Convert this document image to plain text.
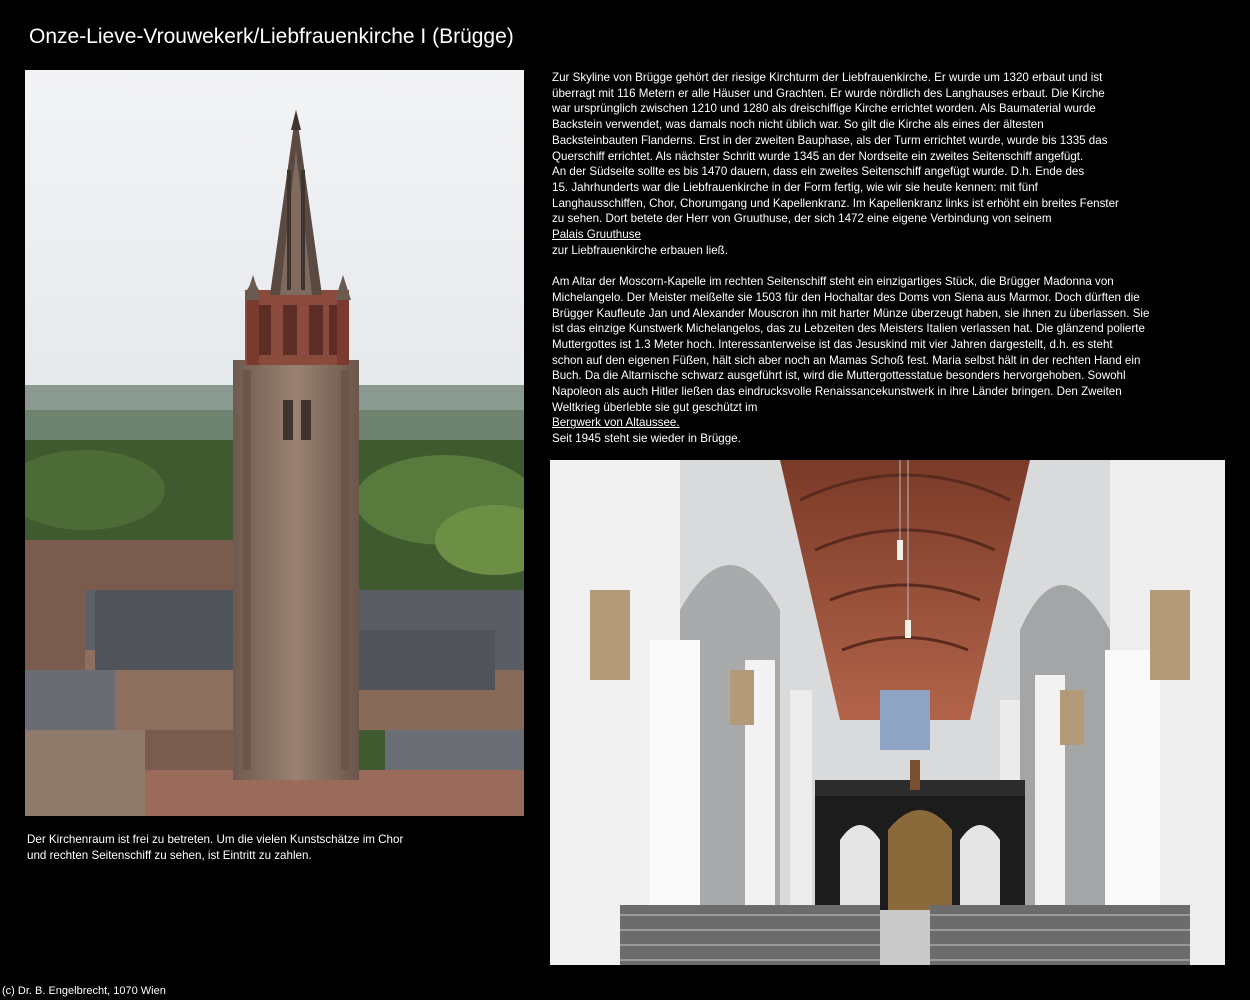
Onze-Lieve-Vrouwekerk/Liebfrauenkirche I (Brügge)
Zur Skyline von Brügge gehört der riesige Kirchturm der Liebfrauenkirche. Er wurde um 1320 erbaut und ist
überragt mit 116 Metern er alle Häuser und Grachten. Er wurde nördlich des Langhauses erbaut. Die Kirche
war ursprünglich zwischen 1210 und 1280 als dreischiffige Kirche errichtet worden. Als Baumaterial wurde
Backstein verwendet, was damals noch nicht üblich war. So gilt die Kirche als eines der ältesten
Backsteinbauten Flanderns. Erst in der zweiten Bauphase, als der Turm errichtet wurde, wurde bis 1335 das
Querschiff errichtet. Als nächster Schritt wurde 1345 an der Nordseite ein zweites Seitenschiff angefügt.
An der Südseite sollte es bis 1470 dauern, dass ein zweites Seitenschiff angefügt wurde. D.h. Ende des
15. Jahrhunderts war die Liebfrauenkirche in der Form fertig, wie wir sie heute kennen: mit fünf
Langhausschiffen, Chor, Chorumgang und Kapellenkranz. Im Kapellenkranz links ist erhöht ein breites Fenster
zu sehen. Dort betete der Herr von Gruuthuse, der sich 1472 eine eigene Verbindung von seinem
Palais Gruuthuse
zur Liebfrauenkirche erbauen ließ.
Am Altar der Moscorn-Kapelle im rechten Seitenschiff steht ein einzigartiges Stück, die Brügger Madonna von
Michelangelo. Der Meister meißelte sie 1503 für den Hochaltar des Doms von Siena aus Marmor. Doch dürften die
Brügger Kaufleute Jan und Alexander Mouscron ihn mit harter Münze überzeugt haben, sie ihnen zu überlassen. Sie
ist das einzige Kunstwerk Michelangelos, das zu Lebzeiten des Meisters Italien verlassen hat. Die glänzend polierte
Muttergottes ist 1.3 Meter hoch. Interessanterweise ist das Jesuskind mit vier Jahren dargestellt, d.h. es steht
schon auf den eigenen Füßen, hält sich aber noch an Mamas Schoß fest. Maria selbst hält in der rechten Hand ein
Buch. Da die Altarnische schwarz ausgeführt ist, wird die Muttergottesstatue besonders hervorgehoben. Sowohl
Napoleon als auch Hitler ließen das eindrucksvolle Renaissancekunstwerk in ihre Länder bringen. Den Zweiten
Weltkrieg überlebte sie gut geschützt im
Bergwerk von Altaussee.
Seit 1945 steht sie wieder in Brügge.
Der Kirchenraum ist frei zu betreten. Um die vielen Kunstschätze im Chor
und rechten Seitenschiff zu sehen, ist Eintritt zu zahlen.
(c) Dr. B. Engelbrecht, 1070 Wien
